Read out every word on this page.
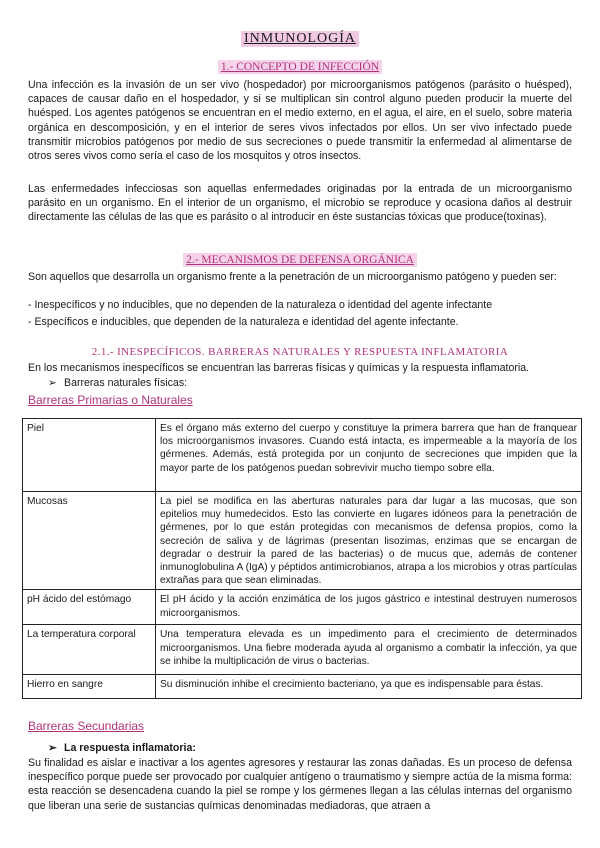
INMUNOLOGÍA
1.- CONCEPTO DE INFECCIÓN

Una infección es la invasión de un ser vivo (hospedador) por microorganismos patógenos (parásito o huésped), capaces de causar daño en el hospedador, y si se multiplican sin control alguno pueden producir la muerte del huésped. Los agentes patógenos se encuentran en el medio externo, en el agua, el aire, en el suelo, sobre materia orgánica en descomposición, y en el interior de seres vivos infectados por ellos. Un ser vivo infectado puede transmitir microbios patógenos por medio de sus secreciones o puede transmitir la enfermedad al alimentarse de otros seres vivos como sería el caso de los mosquitos y otros insectos.

Las enfermedades infecciosas son aquellas enfermedades originadas por la entrada de un microorganismo parásito en un organismo. En el interior de un organismo, el microbio se reproduce y ocasiona daños al destruir directamente las células de las que es parásito o al introducir en éste sustancias tóxicas que produce(toxinas).

2.- MECANISMOS DE DEFENSA ORGÁNICA

Son aquellos que desarrolla un organismo frente a la penetración de un microorganismo patógeno y pueden ser:

- Inespecíficos y no inducibles, que no dependen de la naturaleza o identidad del agente infectante

- Específicos e inducibles, que dependen de la naturaleza e identidad del agente infectante.

2.1.- INESPECÍFICOS. BARRERAS NATURALES Y RESPUESTA INFLAMATORIA

En los mecanismos inespecíficos se encuentran las barreras físicas y químicas y la respuesta inflamatoria.

➢ Barreras naturales físicas:

Barreras Primarias o Naturales
Piel	Es el órgano más externo del cuerpo y constituye la primera barrera que han de franquear los microorganismos invasores. Cuando está intacta, es impermeable a la mayoría de los gérmenes. Además, está protegida por un conjunto de secreciones que impiden que la mayor parte de los patógenos puedan sobrevivir mucho tiempo sobre ella.
Mucosas	La piel se modifica en las aberturas naturales para dar lugar a las mucosas, que son epitelios muy humedecidos. Esto las convierte en lugares idóneos para la penetración de gérmenes, por lo que están protegidas con mecanismos de defensa propios, como la secreción de saliva y de lágrimas (presentan lisozimas, enzimas que se encargan de degradar o destruir la pared de las bacterias) o de mucus que, además de contener inmunoglobulina A (IgA) y péptidos antimicrobianos, atrapa a los microbios y otras partículas extrañas para que sean eliminadas.
pH ácido del estómago	El pH ácido y la acción enzimática de los jugos gástrico e intestinal destruyen numerosos microorganismos.
La temperatura corporal	Una temperatura elevada es un impedimento para el crecimiento de determinados microorganismos. Una fiebre moderada ayuda al organismo a combatir la infección, ya que se inhibe la multiplicación de virus o bacterias.
Hierro en sangre	Su disminución inhibe el crecimiento bacteriano, ya que es indispensable para éstas.
Barreras Secundarias

➢ La respuesta inflamatoria:

Su finalidad es aislar e inactivar a los agentes agresores y restaurar las zonas dañadas. Es un proceso de defensa inespecífico porque puede ser provocado por cualquier antígeno o traumatismo y siempre actúa de la misma forma: esta reacción se desencadena cuando la piel se rompe y los gérmenes llegan a las células internas del organismo que liberan una serie de sustancias químicas denominadas mediadoras, que atraen a
